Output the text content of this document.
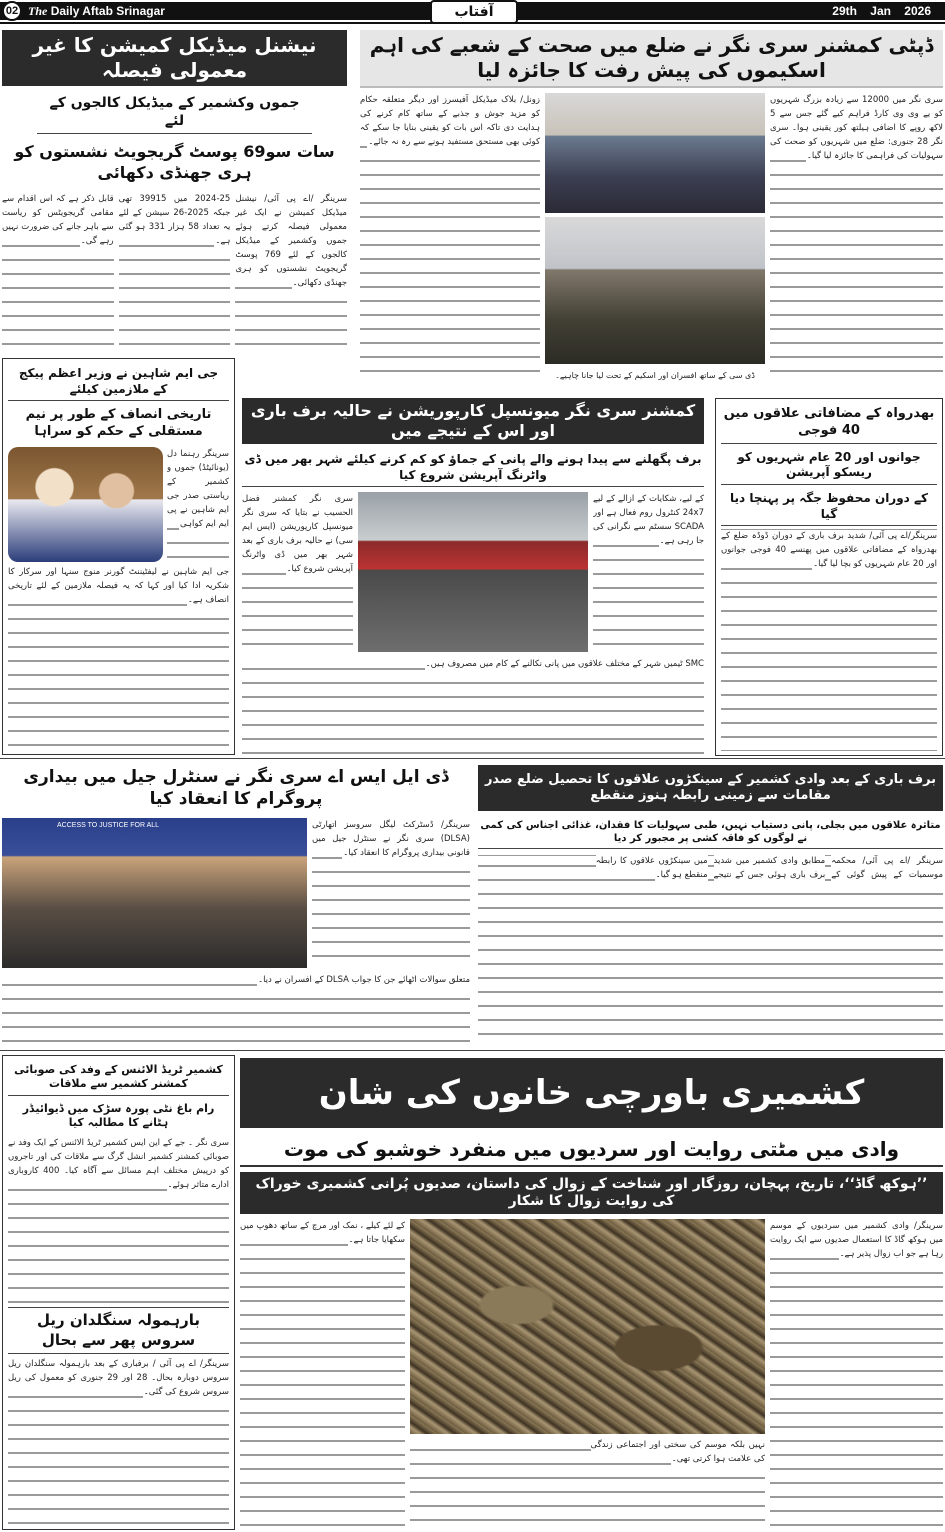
02 The Daily Aftab Srinagar	آفتاب	29th Jan 2026
نیشنل میڈیکل کمیشن کا غیر معمولی فیصلہ
جموں وکشمیر کے میڈیکل کالجوں کے لئے
سات سو69 پوسٹ گریجویٹ نشستوں کو ہری جھنڈی دکھائی
سرینگر /اے پی آئی/ نیشنل میڈیکل کمیشن نے ایک غیر معمولی فیصلہ کرتے ہوئے جموں وکشمیر کے میڈیکل کالجوں کے لئے 769 پوسٹ گریجویٹ نشستوں کو ہری جھنڈی دکھائی۔
2024-25 میں 39915 تھی جبکہ 2025-26 سیشن کے لئے یہ تعداد 58 ہزار 331 ہو گئی ہے۔
قابل ذکر ہے کہ اس اقدام سے مقامی گریجویٹس کو ریاست سے باہر جانے کی ضرورت نہیں رہے گی۔
ڈپٹی کمشنر سری نگر نے ضلع میں صحت کے شعبے کی اہم اسکیموں کی پیش رفت کا جائزہ لیا
سری نگر میں 12000 سے زیادہ بزرگ شہریوں کو یے وی وی کارڈ فراہم کیے گئے جس سے 5 لاکھ روپے کا اضافی ہیلتھ کور یقینی ہوا۔ سری نگر 28 جنوری: ضلع میں شہریوں کو صحت کی سہولیات کی فراہمی کا جائزہ لیا گیا۔
ڈی سی کے ساتھ افسران اور اسکیم کے تحت لیا جانا چاہیے۔
زونل/ بلاک میڈیکل آفیسرز اور دیگر متعلقہ حکام کو مزید جوش و جذبے کے ساتھ کام کرنے کی ہدایت دی تاکہ اس بات کو یقینی بنایا جا سکے کہ کوئی بھی مستحق مستفید ہونے سے رہ نہ جائے۔
جی ایم شاہین نے وزیر اعظم پیکج کے ملازمین کیلئے
تاریخی انصاف کے طور پر نیم مستقلی کے حکم کو سراہا
سرینگر رہنما دل (یونائیٹڈ) جموں و کشمیر کے ریاستی صدر جی ایم شاہین نے پی ایم ایم کواہی
جی ایم شاہین نے لیفٹیننٹ گورنر منوج سنہا اور سرکار کا شکریہ ادا کیا اور کہا کہ یہ فیصلہ ملازمین کے لئے تاریخی انصاف ہے۔
کمشنر سری نگر میونسپل کارپوریشن نے حالیہ برف باری اور اس کے نتیجے میں
برف پگھلنے سے پیدا ہونے والے پانی کے جماؤ کو کم کرنے کیلئے شہر بھر میں ڈی واٹرنگ آپریشن شروع کیا
کے لیے، شکایات کے ازالے کے لیے 24x7 کنٹرول روم فعال ہے اور SCADA سسٹم سے نگرانی کی جا رہی ہے۔
سری نگر کمشنر فضل الحسیب نے بتایا کہ سری نگر میونسپل کارپوریشن (ایس ایم سی) نے حالیہ برف باری کے بعد شہر بھر میں ڈی واٹرنگ آپریشن شروع کیا۔
SMC ٹیمیں شہر کے مختلف علاقوں میں پانی نکالنے کے کام میں مصروف ہیں۔
بھدرواہ کے مضافاتی علاقوں میں 40 فوجی
جوانوں اور 20 عام شہریوں کو ریسکو آپریشن
کے دوران محفوظ جگہ پر پہنچا دیا گیا
سرینگر/اے پی آئی/ شدید برف باری کے دوران ڈوڈہ ضلع کے بھدرواہ کے مضافاتی علاقوں میں پھنسے 40 فوجی جوانوں اور 20 عام شہریوں کو بچا لیا گیا۔
ڈی ایل ایس اے سری نگر نے سنٹرل جیل میں بیداری پروگرام کا انعقاد کیا
سرینگر/ ڈسٹرکٹ لیگل سروسز اتھارٹی (DLSA) سری نگر نے سنٹرل جیل میں قانونی بیداری پروگرام کا انعقاد کیا۔
ACCESS TO JUSTICE FOR ALL
متعلق سوالات اٹھائے جن کا جواب DLSA کے افسران نے دیا۔
برف باری کے بعد وادی کشمیر کے سینکڑوں علاقوں کا تحصیل ضلع صدر مقامات سے زمینی رابطہ ہنوز منقطع
متاثرہ علاقوں میں بجلی، پانی دستیاب نہیں، طبی سہولیات کا فقدان، غذائی اجناس کی کمی نے لوگوں کو فاقہ کشی پر مجبور کر دیا
سرینگر /اے پی آئی/ محکمہ موسمیات کے پیش گوئی کے مطابق وادی کشمیر میں شدید برف باری ہوئی جس کے نتیجے میں سینکڑوں علاقوں کا رابطہ منقطع ہو گیا۔
کشمیر ٹریڈ الائنس کے وفد کی صوبائی کمشنر کشمیر سے ملاقات
رام باغ نٹی پورہ سڑک میں ڈیوائیڈر ہٹانے کا مطالبہ کیا
سری نگر ۔ جے کے این ایس کشمیر ٹریڈ الائنس کے ایک وفد نے صوبائی کمشنر کشمیر انشل گرگ سے ملاقات کی اور تاجروں کو درپیش مختلف اہم مسائل سے آگاہ کیا۔ 400 کاروباری ادارے متاثر ہوئے۔
بارہمولہ سنگلدان ریل سروس پھر سے بحال
سرینگر/ اے پی آئی / برفباری کے بعد بارہمولہ سنگلدان ریل سروس دوبارہ بحال۔ 28 اور 29 جنوری کو معمول کی ریل سروس شروع کی گئی۔
کشمیری باورچی خانوں کی شان
وادی میں مٹتی روایت اور سردیوں میں منفرد خوشبو کی موت
’’ہوکھ گاڈ‘‘، تاریخ، پہچان، روزگار اور شناخت کے زوال کی داستان، صدیوں پُرانی کشمیری خوراک کی روایت زوال کا شکار
سرینگر/ وادی کشمیر میں سردیوں کے موسم میں ہوکھ گاڈ کا استعمال صدیوں سے ایک روایت رہا ہے جو اب زوال پذیر ہے۔
نہیں بلکہ موسم کی سختی اور اجتماعی زندگی کی علامت ہوا کرتی تھی۔
کے لئے کیلے ، نمک اور مرچ کے ساتھ دھوپ میں سکھایا جاتا ہے۔
